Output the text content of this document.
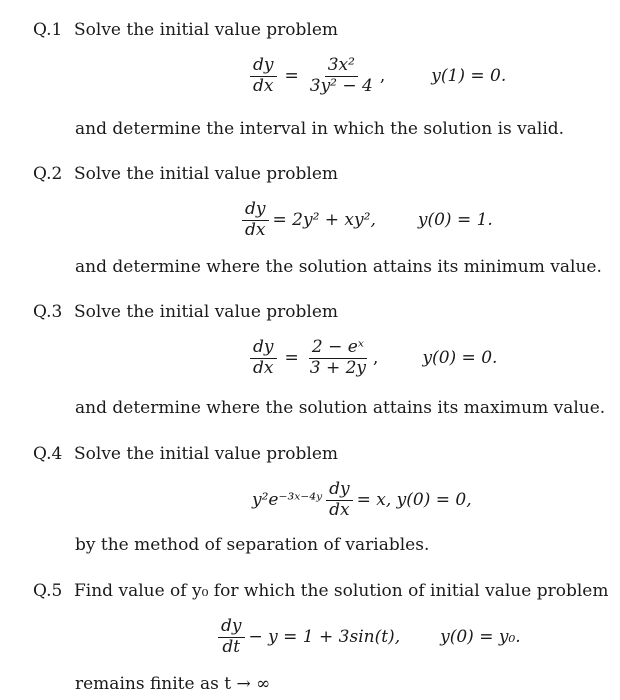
Q.1 Solve the initial value problem
$\frac{dy}{dx} = \frac{\text{3x²}}{\text{3y² − 4}}$ ,	y(1) = 0.
and determine the interval in which the solution is valid.
Q.2 Solve the initial value problem
$\frac{dy}{dx} = 2y^2 + xy^2$, y(0) = 1.
and determine where the solution attains its minimum value.
Q.3 Solve the initial value problem
$\frac{dy}{dx} = \frac{\text{2 − eˣ}}{3 + 2y}$ ,	y(0) = 0.
and determine where the solution attains its maximum value.
Q.4 Solve the initial value problem
y²e⁻³ˣ⁻⁴ʸ $\frac{dy}{dx} = x$, y(0) = 0,
by the method of separation of variables.
Q.5 Find value of y₀ for which the solution of initial value problem
$\frac{dy}{dt} - y = 1 + 3\sin(t)$, y(0) = y₀.
remains finite as t → ∞
